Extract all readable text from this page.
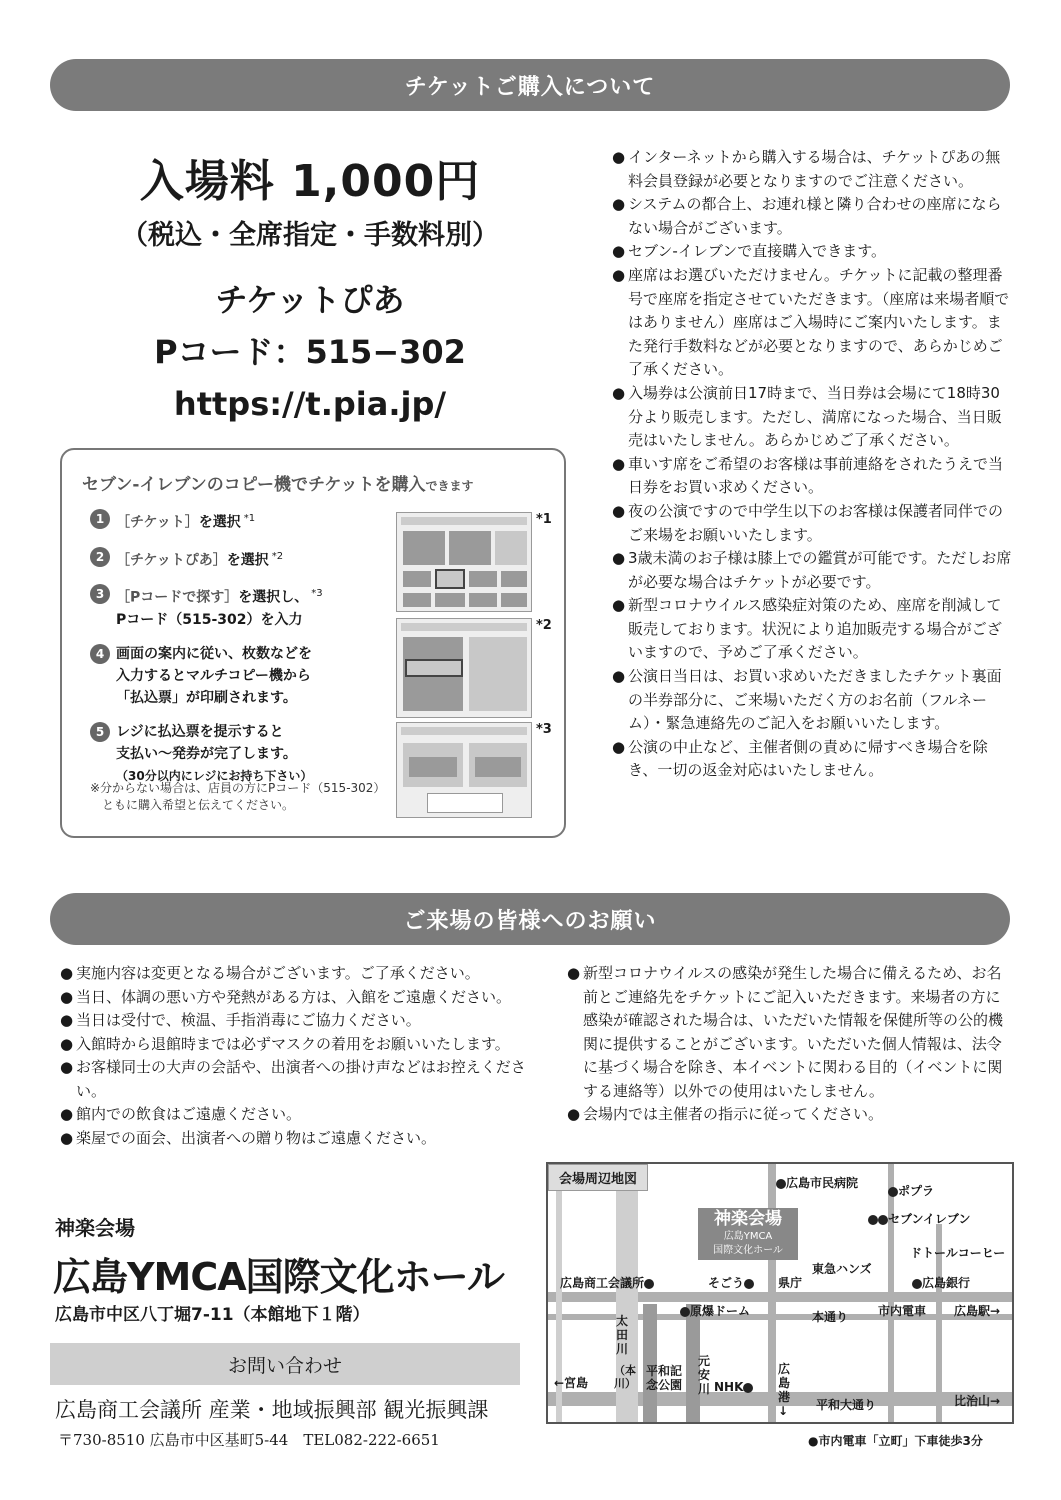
チケットご購入について
入場料 1,000円
（税込・全席指定・手数料別）
チケットぴあ
Pコード：515−302
https://t.pia.jp/
セブン-イレブンのコピー機でチケットを購入できます
1 ［チケット］を選択 $^{*1}$
2 ［チケットぴあ］を選択 $^{*2}$
3 ［Pコードで探す］を選択し、 $^{*3}$
Pコード（515-302）を入力
4 画面の案内に従い、枚数などを
入力するとマルチコピー機から
「払込票」が印刷されます。
5 レジに払込票を提示すると
支払い〜発券が完了します。
（30分以内にレジにお持ち下さい）
※分からない場合は、店員の方にPコード（515-302）
　ともに購入希望と伝えてください。
*1
*2
*3
● インターネットから購入する場合は、チケットぴあの無料会員登録が必要となりますのでご注意ください。
● システムの都合上、お連れ様と隣り合わせの座席にならない場合がございます。
● セブン-イレブンで直接購入できます。
● 座席はお選びいただけません。チケットに記載の整理番号で座席を指定させていただきます。（座席は来場者順ではありません）座席はご入場時にご案内いたします。また発行手数料などが必要となりますので、あらかじめご了承ください。
● 入場券は公演前日17時まで、当日券は会場にて18時30分より販売します。ただし、満席になった場合、当日販売はいたしません。あらかじめご了承ください。
● 車いす席をご希望のお客様は事前連絡をされたうえで当日券をお買い求めください。
● 夜の公演ですので中学生以下のお客様は保護者同伴でのご来場をお願いいたします。
● 3歳未満のお子様は膝上での鑑賞が可能です。ただしお席が必要な場合はチケットが必要です。
● 新型コロナウイルス感染症対策のため、座席を削減して販売しております。状況により追加販売する場合がございますので、予めご了承ください。
● 公演日当日は、お買い求めいただきましたチケット裏面の半券部分に、ご来場いただく方のお名前（フルネーム）・緊急連絡先のご記入をお願いいたします。
● 公演の中止など、主催者側の責めに帰すべき場合を除き、一切の返金対応はいたしません。
ご来場の皆様へのお願い
● 実施内容は変更となる場合がございます。ご了承ください。
● 当日、体調の悪い方や発熱がある方は、入館をご遠慮ください。
● 当日は受付で、検温、手指消毒にご協力ください。
● 入館時から退館時までは必ずマスクの着用をお願いいたします。
● お客様同士の大声の会話や、出演者への掛け声などはお控えください。
● 館内での飲食はご遠慮ください。
● 楽屋での面会、出演者への贈り物はご遠慮ください。
● 新型コロナウイルスの感染が発生した場合に備えるため、お名前とご連絡先をチケットにご記入いただきます。来場者の方に感染が確認された場合は、いただいた情報を保健所等の公的機関に提供することがございます。いただいた個人情報は、法令に基づく場合を除き、本イベントに関わる目的（イベントに関する連絡等）以外での使用はいたしません。
● 会場内では主催者の指示に従ってください。
神楽会場
広島YMCA国際文化ホール
広島市中区八丁堀7-11（本館地下１階）
お問い合わせ
広島商工会議所 産業・地域振興部 観光振興課
〒730-8510 広島市中区基町5-44　TEL082-222-6651
会場周辺地図
神楽会場
広島YMCA
国際文化ホール
広島市民病院
ポプラ
セブンイレブン
ドトールコーヒー
東急ハンズ
広島商工会議所	そごう	県庁	広島銀行
原爆ドーム	本通り 市内電車 広島駅→
太田川
（本川）
←宮島
平和記念公園
元安川 NHK
広島港↓	平和大通り	比治山→
●市内電車「立町」下車徒歩3分
